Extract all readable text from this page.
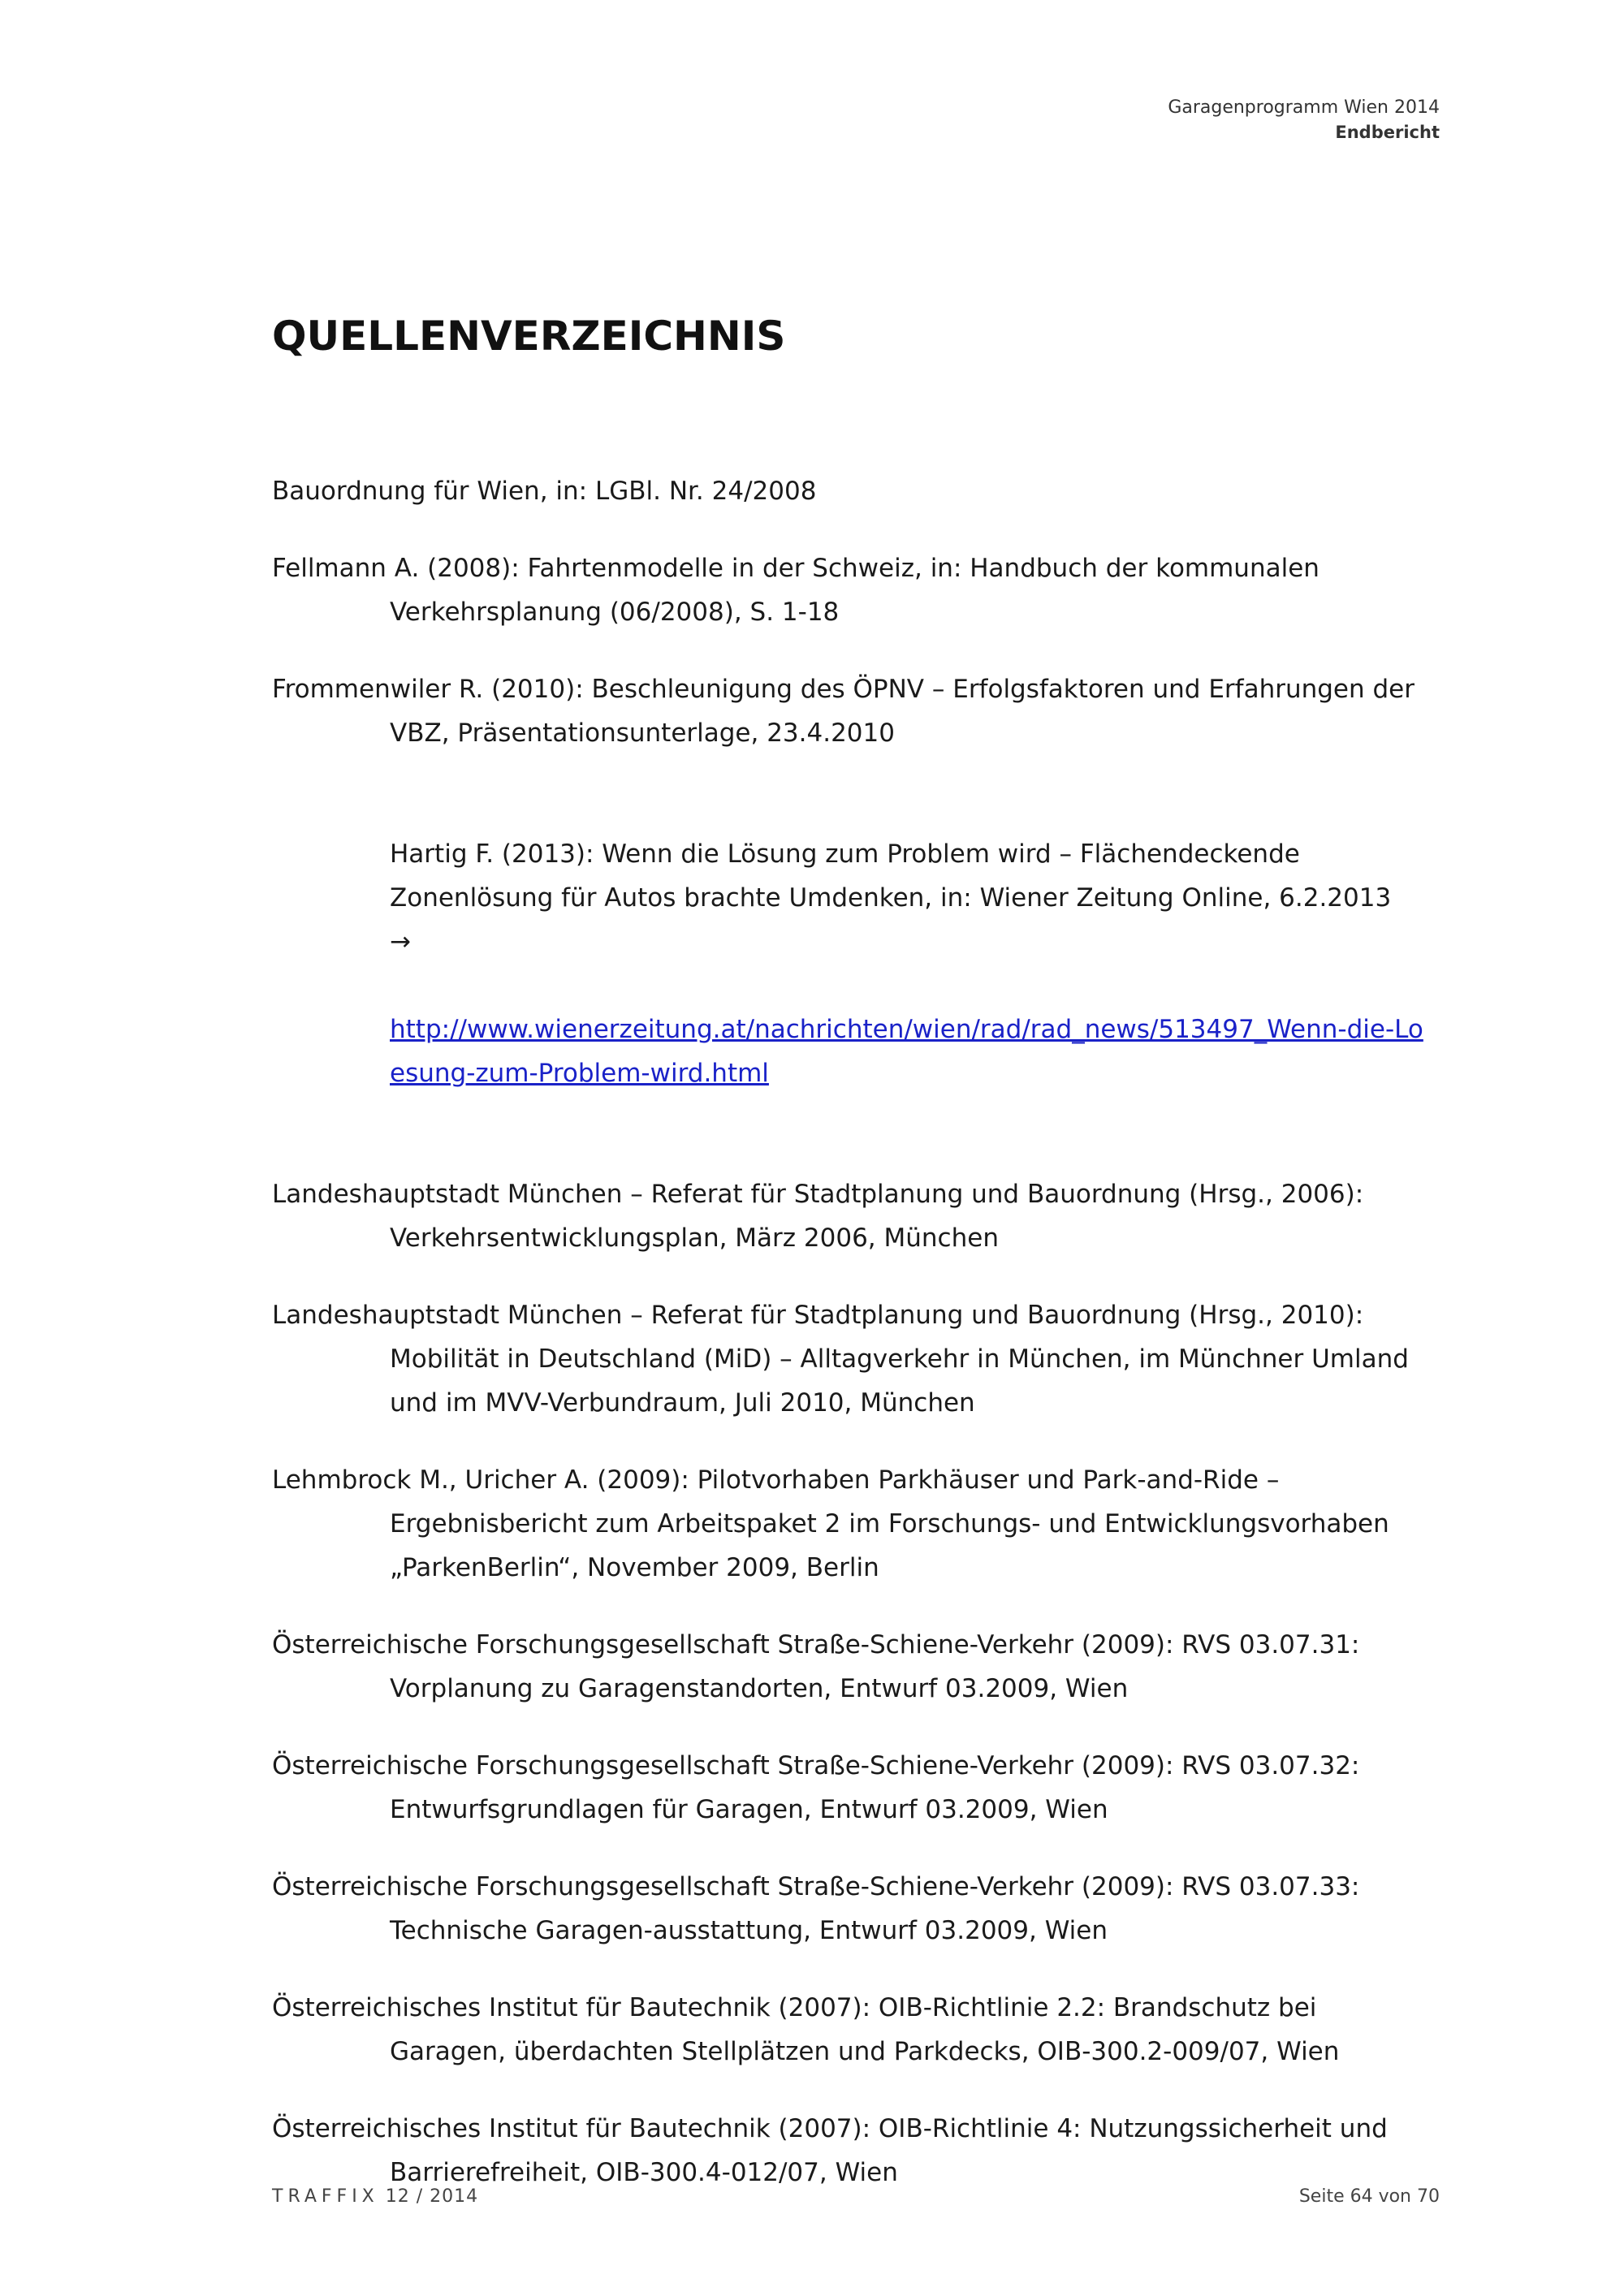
Garagenprogramm Wien 2014
Endbericht
QUELLENVERZEICHNIS
Bauordnung für Wien, in: LGBl. Nr. 24/2008
Fellmann A. (2008): Fahrtenmodelle in der Schweiz, in: Handbuch der kommunalen Verkehrsplanung (06/2008), S. 1-18
Frommenwiler R. (2010): Beschleunigung des ÖPNV – Erfolgsfaktoren und Erfahrungen der VBZ, Präsentationsunterlage, 23.4.2010

Hartig F. (2013): Wenn die Lösung zum Problem wird – Flächendeckende Zonenlösung für Autos brachte Umdenken, in: Wiener Zeitung Online, 6.2.2013

→

http://www.wienerzeitung.at/nachrichten/wien/rad/rad_news/513497_Wenn-die-Loesung-zum-Problem-wird.html

Landeshauptstadt München – Referat für Stadtplanung und Bauordnung (Hrsg., 2006): Verkehrsentwicklungsplan, März 2006, München
Landeshauptstadt München – Referat für Stadtplanung und Bauordnung (Hrsg., 2010): Mobilität in Deutschland (MiD) – Alltagverkehr in München, im Münchner Umland und im MVV-Verbundraum, Juli 2010, München
Lehmbrock M., Uricher A. (2009): Pilotvorhaben Parkhäuser und Park-and-Ride – Ergebnisbericht zum Arbeitspaket 2 im Forschungs- und Entwicklungsvorhaben „ParkenBerlin“, November 2009, Berlin
Österreichische Forschungsgesellschaft Straße-Schiene-Verkehr (2009): RVS 03.07.31: Vorplanung zu Garagenstandorten, Entwurf 03.2009, Wien
Österreichische Forschungsgesellschaft Straße-Schiene-Verkehr (2009): RVS 03.07.32: Entwurfsgrundlagen für Garagen, Entwurf 03.2009, Wien
Österreichische Forschungsgesellschaft Straße-Schiene-Verkehr (2009): RVS 03.07.33: Technische Garagen-ausstattung, Entwurf 03.2009, Wien
Österreichisches Institut für Bautechnik (2007): OIB-Richtlinie 2.2: Brandschutz bei Garagen, überdachten Stellplätzen und Parkdecks, OIB-300.2-009/07, Wien
Österreichisches Institut für Bautechnik (2007): OIB-Richtlinie 4: Nutzungssicherheit und Barrierefreiheit, OIB-300.4-012/07, Wien
TRAFFIX 12 / 2014	Seite 64 von 70
